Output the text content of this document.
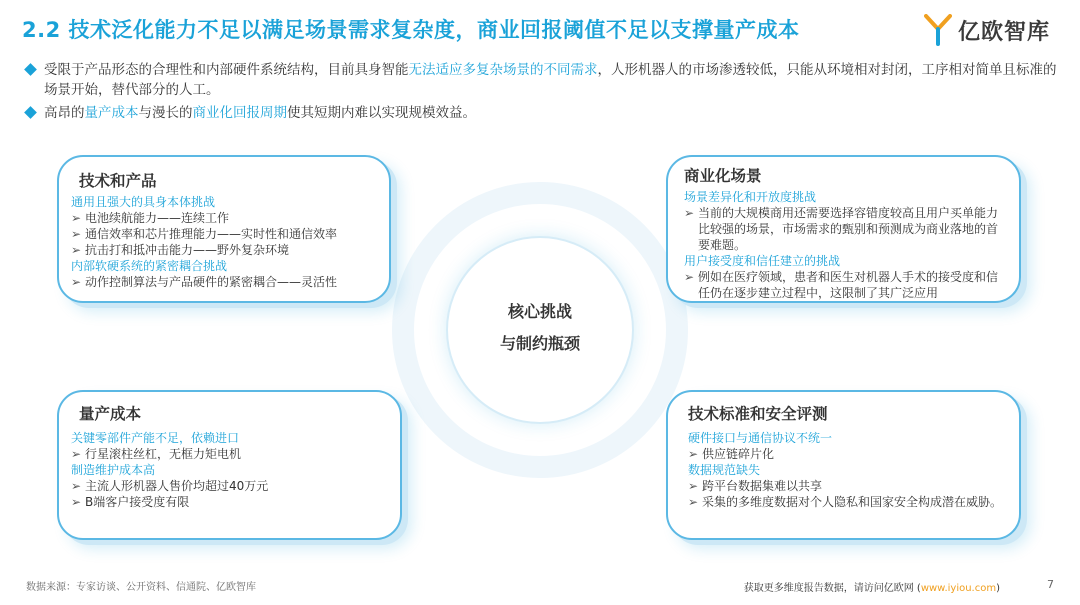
2.2 技术泛化能力不足以满足场景需求复杂度，商业回报阈值不足以支撑量产成本	亿欧智库
受限于产品形态的合理性和内部硬件系统结构，目前具身智能无法适应多复杂场景的不同需求，人形机器人的市场渗透较低，只能从环境相对封闭，工序相对简单且标准的场景开始，替代部分的人工。
高昂的量产成本与漫长的商业化回报周期使其短期内难以实现规模效益。
核心挑战
与制约瓶颈
技术和产品
通用且强大的具身本体挑战
➢ 电池续航能力——连续工作
➢ 通信效率和芯片推理能力——实时性和通信效率
➢ 抗击打和抵冲击能力——野外复杂环境
内部软硬系统的紧密耦合挑战
➢ 动作控制算法与产品硬件的紧密耦合——灵活性
商业化场景
场景差异化和开放度挑战
➢ 当前的大规模商用还需要选择容错度较高且用户买单能力比较强的场景，市场需求的甄别和预测成为商业落地的首要难题。
用户接受度和信任建立的挑战
➢ 例如在医疗领域，患者和医生对机器人手术的接受度和信任仍在逐步建立过程中，这限制了其广泛应用
量产成本
关键零部件产能不足，依赖进口
➢ 行星滚柱丝杠，无框力矩电机
制造维护成本高
➢ 主流人形机器人售价均超过40万元
➢ B端客户接受度有限
技术标准和安全评测
硬件接口与通信协议不统一
➢ 供应链碎片化
数据规范缺失
➢ 跨平台数据集难以共享
➢ 采集的多维度数据对个人隐私和国家安全构成潜在威胁。
数据来源：专家访谈、公开资料、信通院、亿欧智库	获取更多维度报告数据，请访问亿欧网 (www.iyiou.com)	7
